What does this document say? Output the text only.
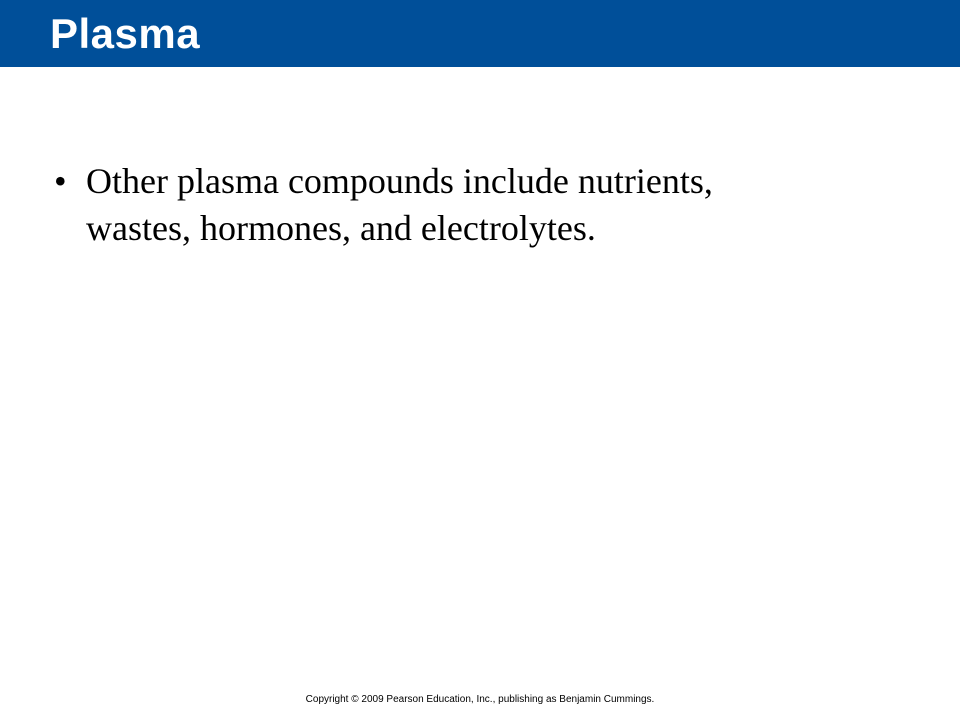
Plasma
• Other plasma compounds include nutrients,
wastes, hormones, and electrolytes.
Copyright © 2009 Pearson Education, Inc., publishing as Benjamin Cummings.
